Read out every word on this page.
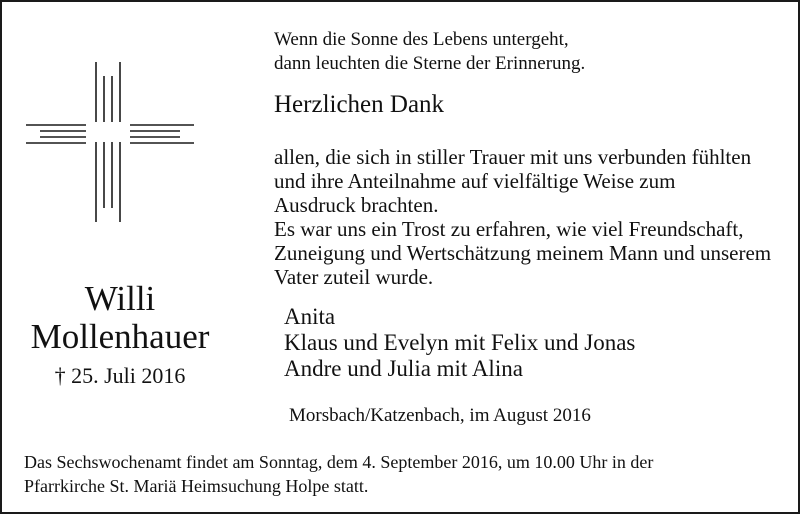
Wenn die Sonne des Lebens untergeht,
dann leuchten die Sterne der Erinnerung.
Herzlichen Dank
allen, die sich in stiller Trauer mit uns verbunden fühlten
und ihre Anteilnahme auf vielfältige Weise zum
Ausdruck brachten.
Es war uns ein Trost zu erfahren, wie viel Freundschaft,
Zuneigung und Wertschätzung meinem Mann und unserem
Vater zuteil wurde.
Willi
Mollenhauer
† 25. Juli 2016
Anita
Klaus und Evelyn mit Felix und Jonas
Andre und Julia mit Alina
Morsbach/Katzenbach, im August 2016
Das Sechswochenamt findet am Sonntag, dem 4. September 2016, um 10.00 Uhr in der
Pfarrkirche St. Mariä Heimsuchung Holpe statt.
